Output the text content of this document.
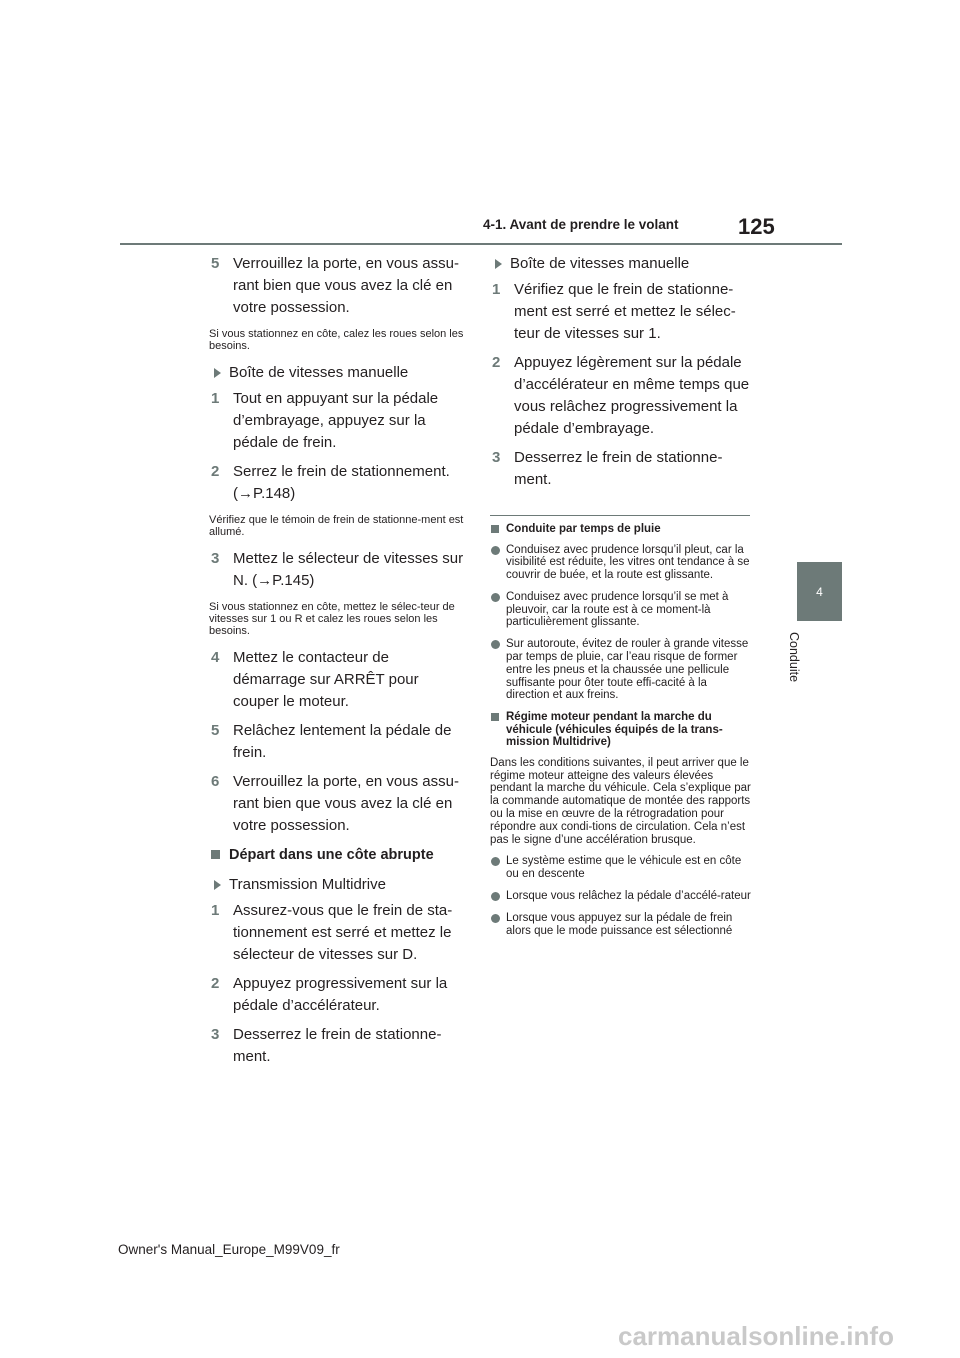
4-1. Avant de prendre le volant	125
4
Conduite
5 Verrouillez la porte, en vous assu-rant bien que vous avez la clé en votre possession.
Si vous stationnez en côte, calez les roues selon les besoins.
Boîte de vitesses manuelle
1 Tout en appuyant sur la pédale d’embrayage, appuyez sur la pédale de frein.
2 Serrez le frein de stationnement. (→P.148)
Vérifiez que le témoin de frein de stationne-ment est allumé.
3 Mettez le sélecteur de vitesses sur N. (→P.145)
Si vous stationnez en côte, mettez le sélec-teur de vitesses sur 1 ou R et calez les roues selon les besoins.
4 Mettez le contacteur de démarrage sur ARRÊT pour couper le moteur.
5 Relâchez lentement la pédale de frein.
6 Verrouillez la porte, en vous assu-rant bien que vous avez la clé en votre possession.
Départ dans une côte abrupte
Transmission Multidrive
1 Assurez-vous que le frein de sta-tionnement est serré et mettez le sélecteur de vitesses sur D.
2 Appuyez progressivement sur la pédale d’accélérateur.
3 Desserrez le frein de stationne-ment.
Boîte de vitesses manuelle
1 Vérifiez que le frein de stationne-ment est serré et mettez le sélec-teur de vitesses sur 1.
2 Appuyez légèrement sur la pédale d’accélérateur en même temps que vous relâchez progressivement la pédale d’embrayage.
3 Desserrez le frein de stationne-ment.
Conduite par temps de pluie
Conduisez avec prudence lorsqu’il pleut, car la visibilité est réduite, les vitres ont tendance à se couvrir de buée, et la route est glissante.
Conduisez avec prudence lorsqu’il se met à pleuvoir, car la route est à ce moment-là particulièrement glissante.
Sur autoroute, évitez de rouler à grande vitesse par temps de pluie, car l’eau risque de former entre les pneus et la chaussée une pellicule suffisante pour ôter toute effi-cacité à la direction et aux freins.
Régime moteur pendant la marche du véhicule (véhicules équipés de la trans-mission Multidrive)
Dans les conditions suivantes, il peut arriver que le régime moteur atteigne des valeurs élevées pendant la marche du véhicule. Cela s’explique par la commande automatique de montée des rapports ou la mise en œuvre de la rétrogradation pour répondre aux condi-tions de circulation. Cela n’est pas le signe d’une accélération brusque.
Le système estime que le véhicule est en côte ou en descente
Lorsque vous relâchez la pédale d’accélé-rateur
Lorsque vous appuyez sur la pédale de frein alors que le mode puissance est sélectionné
Owner's Manual_Europe_M99V09_fr
carmanualsonline.info
